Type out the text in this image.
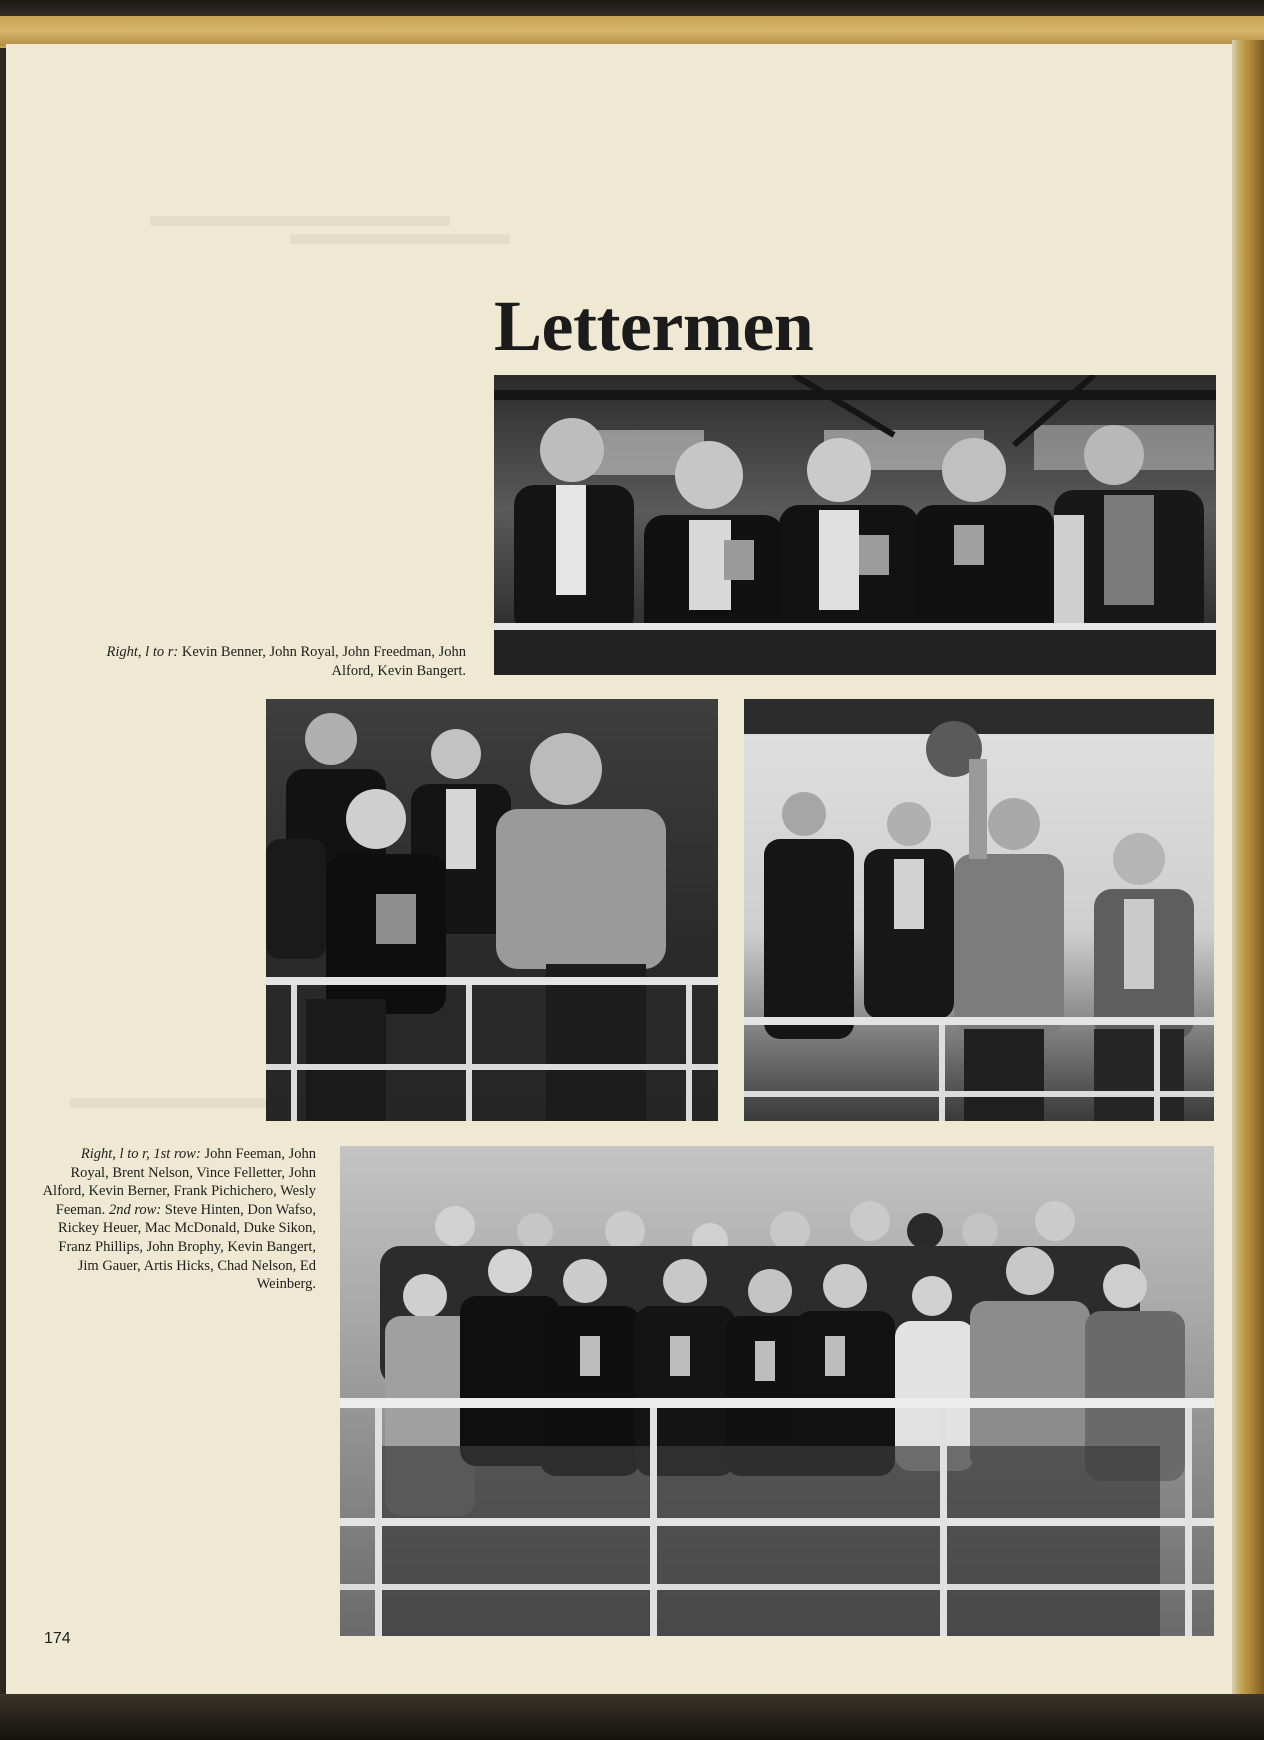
Lettermen

Right, l to r: Kevin Benner, John Royal, John Freedman, John Alford, Kevin Bangert.

Right, l to r, 1st row: John Feeman, John Royal, Brent Nelson, Vince Felletter, John Alford, Kevin Berner, Frank Pichichero, Wesly Feeman. 2nd row: Steve Hinten, Don Wafso, Rickey Heuer, Mac McDonald, Duke Sikon, Franz Phillips, John Brophy, Kevin Bangert, Jim Gauer, Artis Hicks, Chad Nelson, Ed Weinberg.

174
